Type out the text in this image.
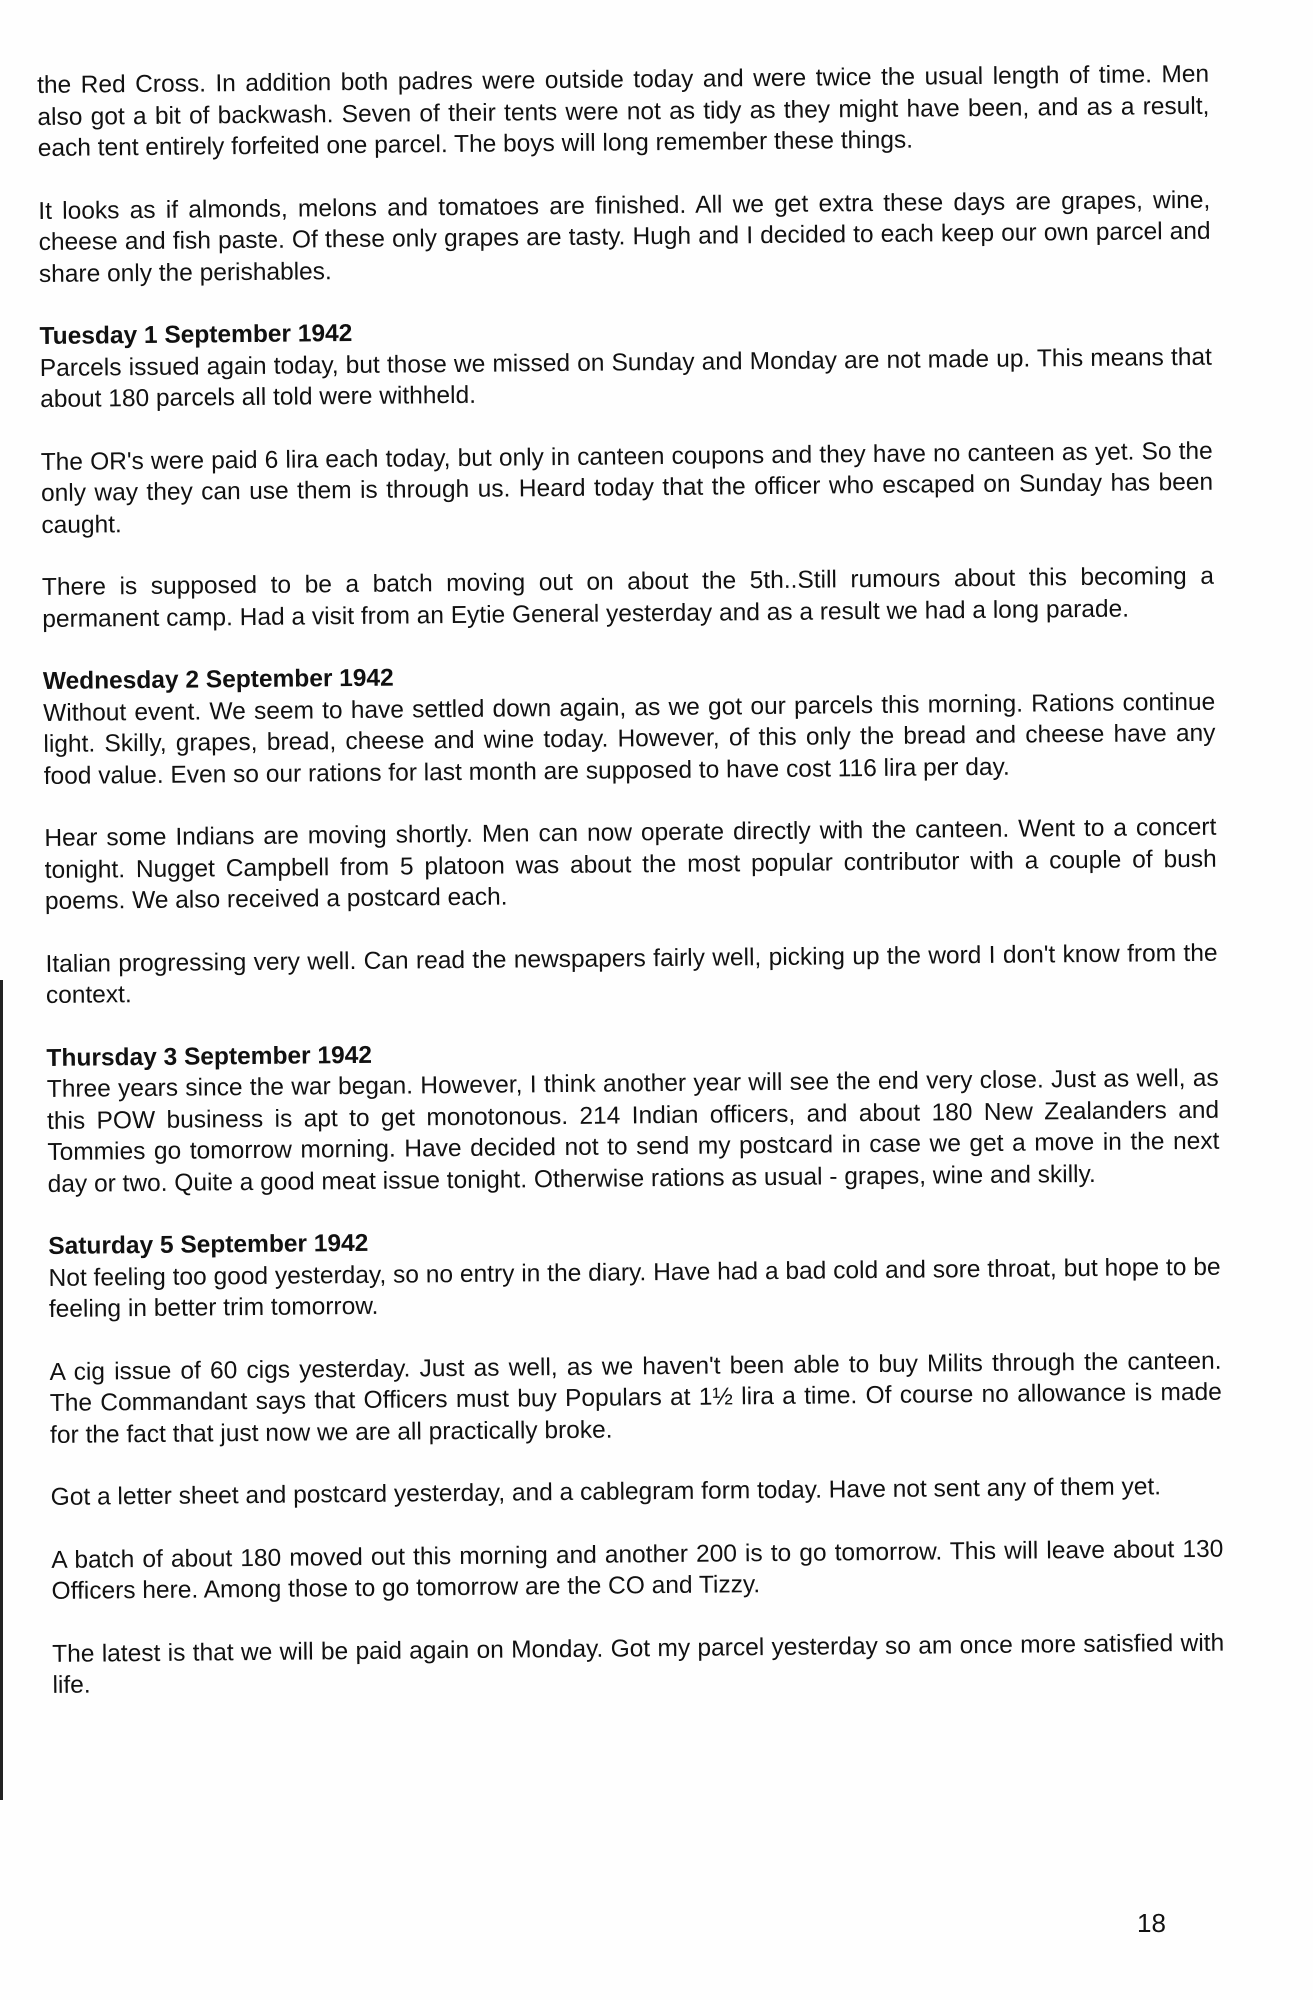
the Red Cross. In addition both padres were outside today and were twice the usual length of time. Men also got a bit of backwash. Seven of their tents were not as tidy as they might have been, and as a result, each tent entirely forfeited one parcel. The boys will long remember these things.

It looks as if almonds, melons and tomatoes are finished. All we get extra these days are grapes, wine, cheese and fish paste. Of these only grapes are tasty. Hugh and I decided to each keep our own parcel and share only the perishables.

Tuesday 1 September 1942

Parcels issued again today, but those we missed on Sunday and Monday are not made up. This means that about 180 parcels all told were withheld.

The OR's were paid 6 lira each today, but only in canteen coupons and they have no canteen as yet. So the only way they can use them is through us. Heard today that the officer who escaped on Sunday has been caught.

There is supposed to be a batch moving out on about the 5th..Still rumours about this becoming a permanent camp. Had a visit from an Eytie General yesterday and as a result we had a long parade.

Wednesday 2 September 1942

Without event. We seem to have settled down again, as we got our parcels this morning. Rations continue light. Skilly, grapes, bread, cheese and wine today. However, of this only the bread and cheese have any food value. Even so our rations for last month are supposed to have cost 116 lira per day.

Hear some Indians are moving shortly. Men can now operate directly with the canteen. Went to a concert tonight. Nugget Campbell from 5 platoon was about the most popular contributor with a couple of bush poems. We also received a postcard each.

Italian progressing very well. Can read the newspapers fairly well, picking up the word I don't know from the context.

Thursday 3 September 1942

Three years since the war began. However, I think another year will see the end very close. Just as well, as this POW business is apt to get monotonous. 214 Indian officers, and about 180 New Zealanders and Tommies go tomorrow morning. Have decided not to send my postcard in case we get a move in the next day or two. Quite a good meat issue tonight. Otherwise rations as usual - grapes, wine and skilly.

Saturday 5 September 1942

Not feeling too good yesterday, so no entry in the diary. Have had a bad cold and sore throat, but hope to be feeling in better trim tomorrow.

A cig issue of 60 cigs yesterday. Just as well, as we haven't been able to buy Milits through the canteen. The Commandant says that Officers must buy Populars at 1½ lira a time. Of course no allowance is made for the fact that just now we are all practically broke.

Got a letter sheet and postcard yesterday, and a cablegram form today. Have not sent any of them yet.

A batch of about 180 moved out this morning and another 200 is to go tomorrow. This will leave about 130 Officers here. Among those to go tomorrow are the CO and Tizzy.

The latest is that we will be paid again on Monday. Got my parcel yesterday so am once more satisfied with life.

18
